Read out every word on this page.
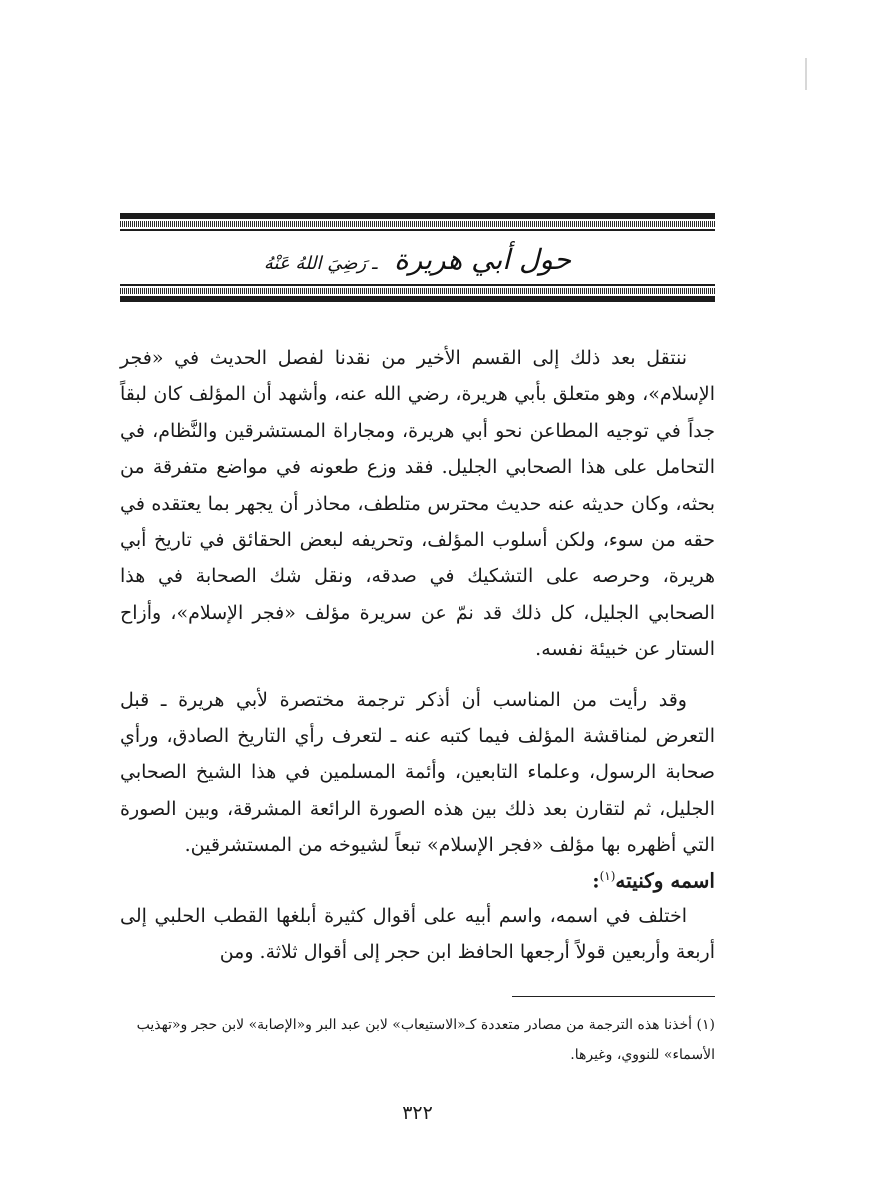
حول أبي هريرة ـ رَضِيَ اللهُ عَنْهُ

ننتقل بعد ذلك إلى القسم الأخير من نقدنا لفصل الحديث في «فجر الإسلام»، وهو متعلق بأبي هريرة، رضي الله عنه، وأشهد أن المؤلف كان لبقاً جداً في توجيه المطاعن نحو أبي هريرة، ومجاراة المستشرقين والنَّظام، في التحامل على هذا الصحابي الجليل. فقد وزع طعونه في مواضع متفرقة من بحثه، وكان حديثه عنه حديث محترس متلطف، محاذر أن يجهر بما يعتقده في حقه من سوء، ولكن أسلوب المؤلف، وتحريفه لبعض الحقائق في تاريخ أبي هريرة، وحرصه على التشكيك في صدقه، ونقل شك الصحابة في هذا الصحابي الجليل، كل ذلك قد نمّ عن سريرة مؤلف «فجر الإسلام»، وأزاح الستار عن خبيئة نفسه.

وقد رأيت من المناسب أن أذكر ترجمة مختصرة لأبي هريرة ـ قبل التعرض لمناقشة المؤلف فيما كتبه عنه ـ لتعرف رأي التاريخ الصادق، ورأي صحابة الرسول، وعلماء التابعين، وأئمة المسلمين في هذا الشيخ الصحابي الجليل، ثم لتقارن بعد ذلك بين هذه الصورة الرائعة المشرقة، وبين الصورة التي أظهره بها مؤلف «فجر الإسلام» تبعاً لشيوخه من المستشرقين.

اسمه وكنيته$^{(١)}$:

اختلف في اسمه، واسم أبيه على أقوال كثيرة أبلغها القطب الحلبي إلى أربعة وأربعين قولاً أرجعها الحافظ ابن حجر إلى أقوال ثلاثة. ومن

(١) أخذنا هذه الترجمة من مصادر متعددة كـ«الاستيعاب» لابن عبد البر و«الإصابة» لابن حجر و«تهذيب الأسماء» للنووي، وغيرها.
٣٢٢
